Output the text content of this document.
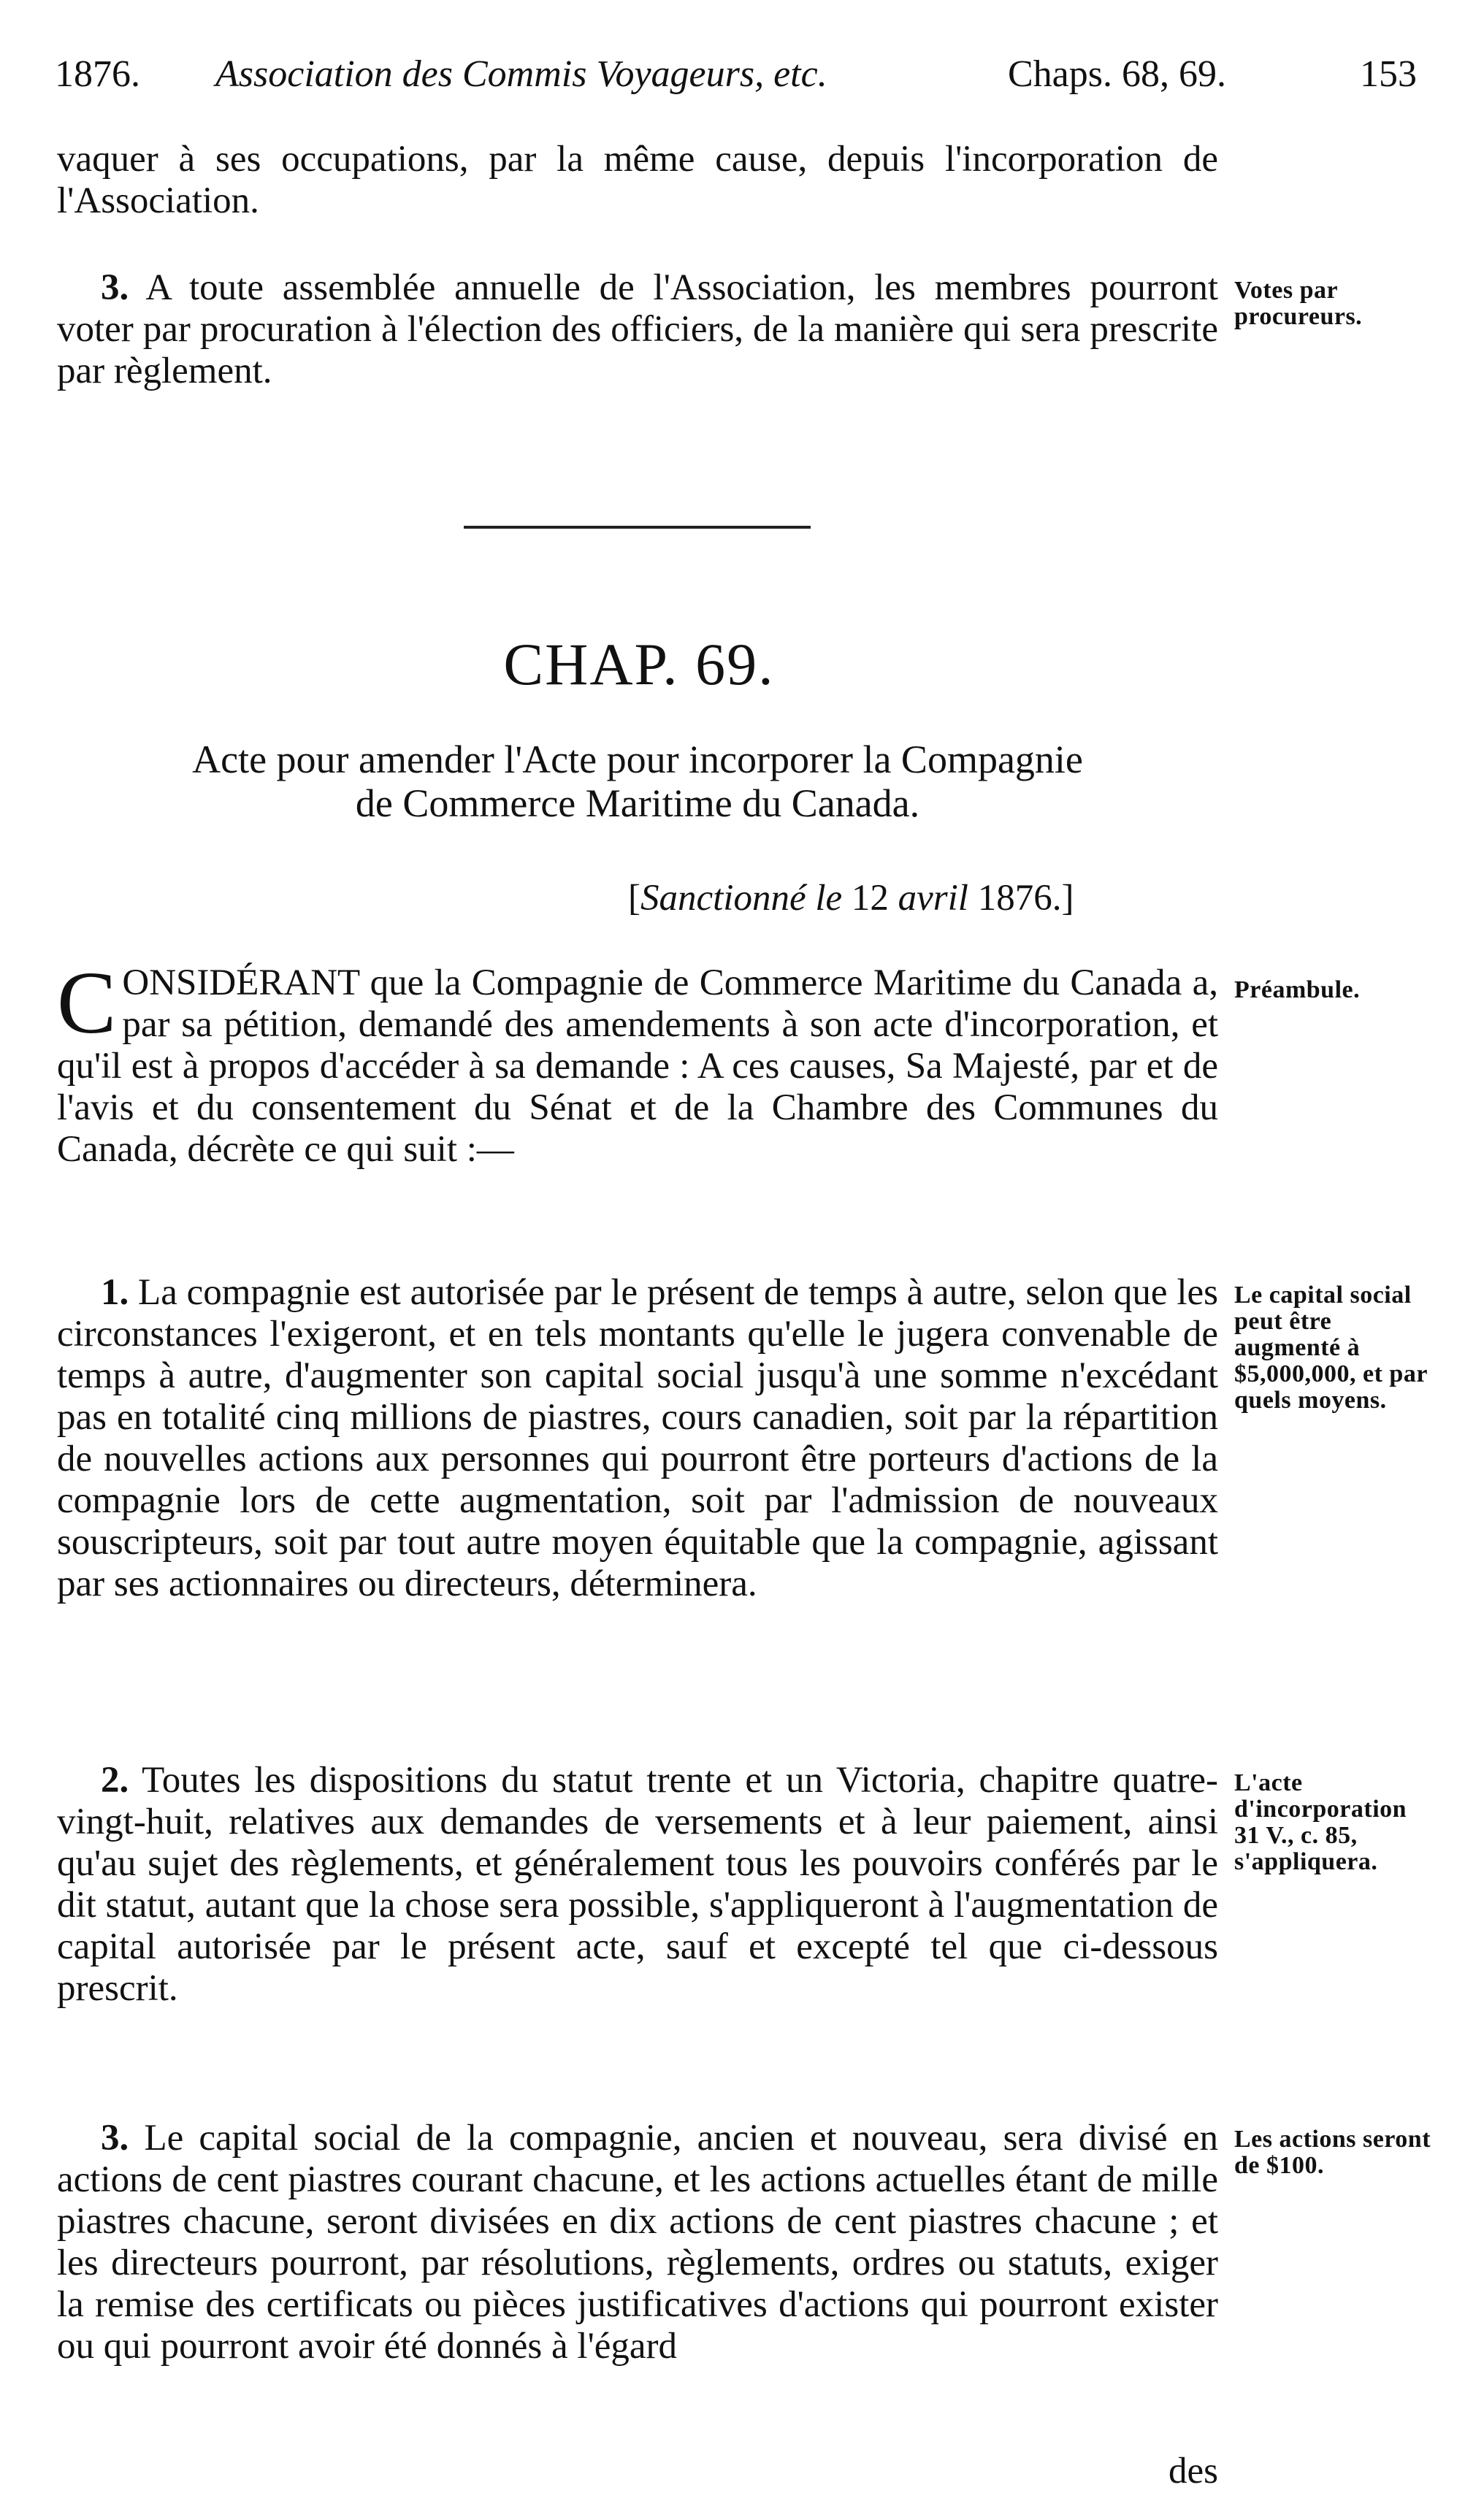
1876. Association des Commis Voyageurs, etc.	Chaps. 68, 69.	153

vaquer à ses occupations, par la même cause, depuis l'incorporation de l'Association.

3. A toute assemblée annuelle de l'Association, les membres pourront voter par procuration à l'élection des officiers, de la manière qui sera prescrite par règlement.

Votes par procureurs.
CHAP. 69.

Acte pour amender l'Acte pour incorporer la Compagnie

de Commerce Maritime du Canada.

[Sanctionné le 12 avril 1876.]

CONSIDÉRANT que la Compagnie de Commerce Maritime du Canada a, par sa pétition, demandé des amendements à son acte d'incorporation, et qu'il est à propos d'accéder à sa demande : A ces causes, Sa Majesté, par et de l'avis et du consentement du Sénat et de la Chambre des Communes du Canada, décrète ce qui suit :—

Préambule.

1. La compagnie est autorisée par le présent de temps à autre, selon que les circonstances l'exigeront, et en tels montants qu'elle le jugera convenable de temps à autre, d'augmenter son capital social jusqu'à une somme n'excédant pas en totalité cinq millions de piastres, cours canadien, soit par la répartition de nouvelles actions aux personnes qui pourront être porteurs d'actions de la compagnie lors de cette augmentation, soit par l'admission de nouveaux souscripteurs, soit par tout autre moyen équitable que la compagnie, agissant par ses actionnaires ou directeurs, déterminera.

Le capital social peut être augmenté à $5,000,000, et par quels moyens.

2. Toutes les dispositions du statut trente et un Victoria, chapitre quatre-vingt-huit, relatives aux demandes de versements et à leur paiement, ainsi qu'au sujet des règlements, et généralement tous les pouvoirs conférés par le dit statut, autant que la chose sera possible, s'appliqueront à l'augmentation de capital autorisée par le présent acte, sauf et excepté tel que ci-dessous prescrit.

L'acte d'incorporation 31 V., c. 85, s'appliquera.

3. Le capital social de la compagnie, ancien et nouveau, sera divisé en actions de cent piastres courant chacune, et les actions actuelles étant de mille piastres chacune, seront divisées en dix actions de cent piastres chacune ; et les directeurs pourront, par résolutions, règlements, ordres ou statuts, exiger la remise des certificats ou pièces justificatives d'actions qui pourront exister ou qui pourront avoir été donnés à l'égard

Les actions seront de $100.

des
